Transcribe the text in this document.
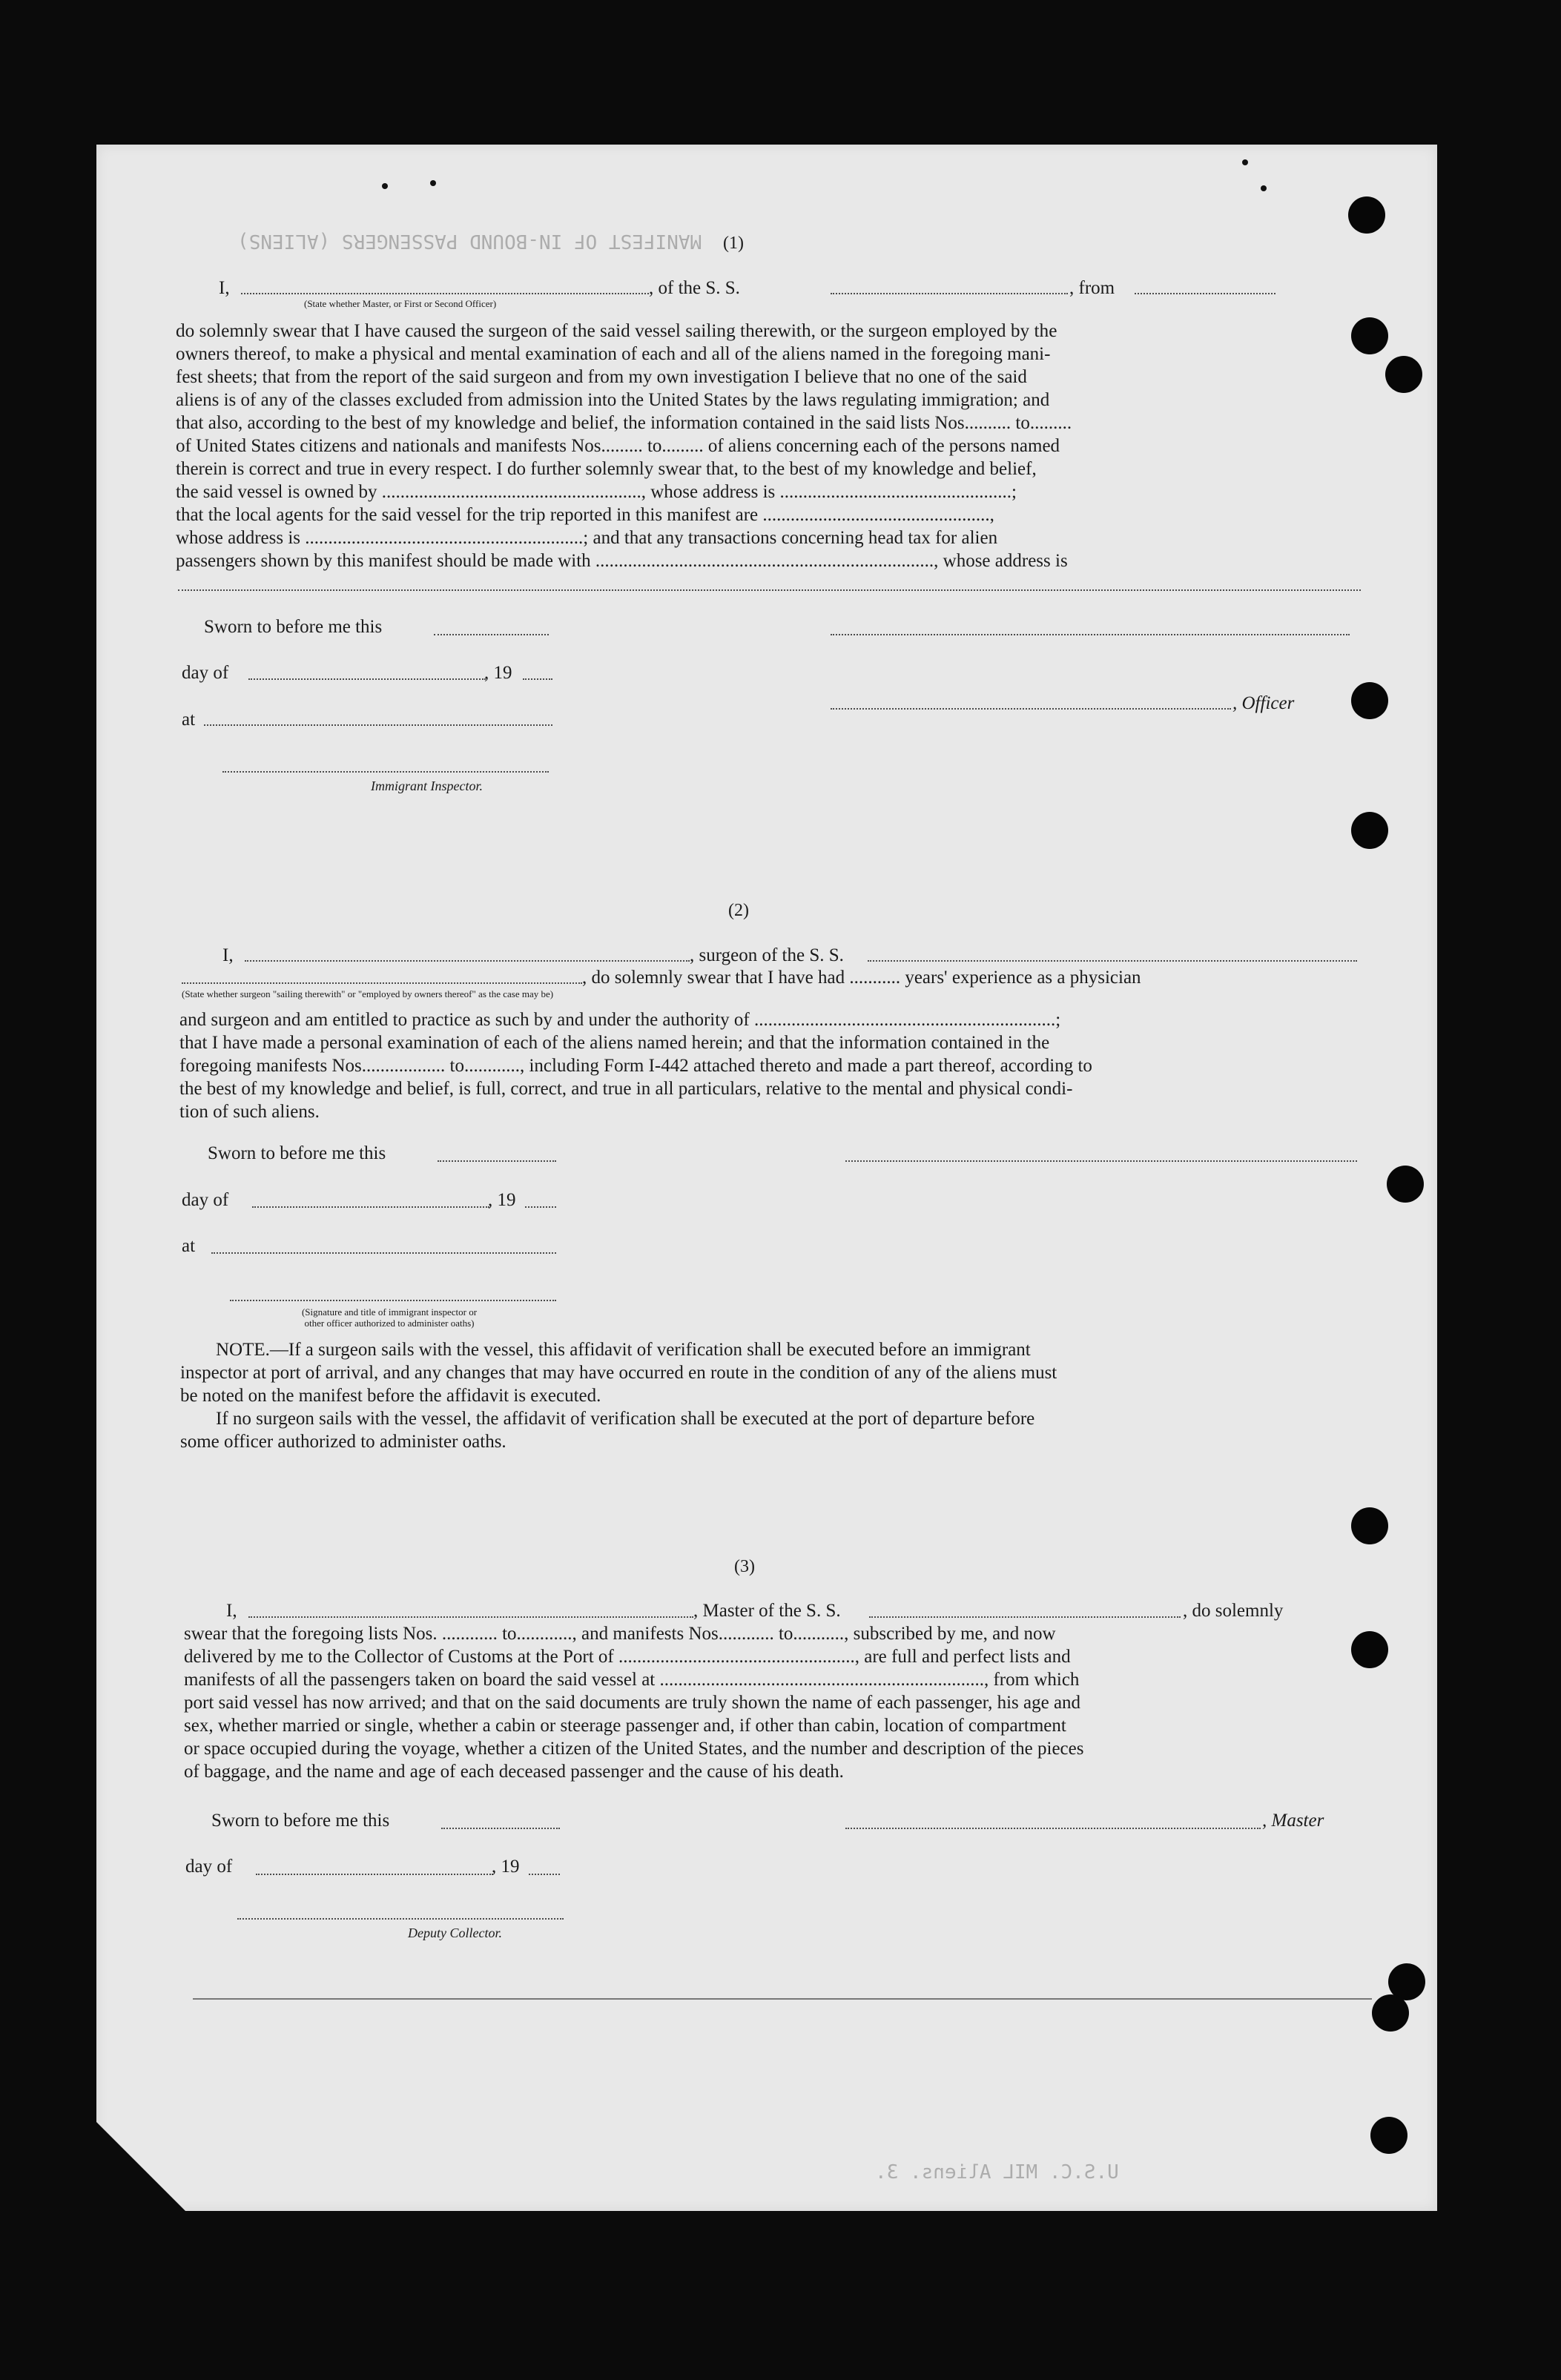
MANIFEST OF IN-BOUND PASSENGERS (ALIENS)
U.S.C. MIL Aliens. 3.
(1)
I,	, of the S. S.	, from
(State whether Master, or First or Second Officer)
do solemnly swear that I have caused the surgeon of the said vessel sailing therewith, or the surgeon employed by the
owners thereof, to make a physical and mental examination of each and all of the aliens named in the foregoing mani-
fest sheets; that from the report of the said surgeon and from my own investigation I believe that no one of the said
aliens is of any of the classes excluded from admission into the United States by the laws regulating immigration; and
that also, according to the best of my knowledge and belief, the information contained in the said lists Nos.......... to.........
of United States citizens and nationals and manifests Nos......... to......... of aliens concerning each of the persons named
therein is correct and true in every respect. I do further solemnly swear that, to the best of my knowledge and belief,
the said vessel is owned by ........................................................, whose address is ..................................................;
that the local agents for the said vessel for the trip reported in this manifest are .................................................,
whose address is ............................................................; and that any transactions concerning head tax for alien
passengers shown by this manifest should be made with ........................................................................., whose address is
Sworn to before me this
day of	, 19
, Officer
at
Immigrant Inspector.
(2)
I,	, surgeon of the S. S.
, do solemnly swear that I have had ........... years' experience as a physician
(State whether surgeon "sailing therewith" or "employed by owners thereof" as the case may be)
and surgeon and am entitled to practice as such by and under the authority of .................................................................;
that I have made a personal examination of each of the aliens named herein; and that the information contained in the
foregoing manifests Nos.................. to............, including Form I-442 attached thereto and made a part thereof, according to
the best of my knowledge and belief, is full, correct, and true in all particulars, relative to the mental and physical condi-
tion of such aliens.
Sworn to before me this
day of	, 19
at
(Signature and title of immigrant inspector or
other officer authorized to administer oaths)
NOTE.—If a surgeon sails with the vessel, this affidavit of verification shall be executed before an immigrant
inspector at port of arrival, and any changes that may have occurred en route in the condition of any of the aliens must
be noted on the manifest before the affidavit is executed.
If no surgeon sails with the vessel, the affidavit of verification shall be executed at the port of departure before
some officer authorized to administer oaths.
(3)
I,	, Master of the S. S.	, do solemnly
swear that the foregoing lists Nos. ............ to............, and manifests Nos............ to..........., subscribed by me, and now
delivered by me to the Collector of Customs at the Port of ..................................................., are full and perfect lists and
manifests of all the passengers taken on board the said vessel at ......................................................................, from which
port said vessel has now arrived; and that on the said documents are truly shown the name of each passenger, his age and
sex, whether married or single, whether a cabin or steerage passenger and, if other than cabin, location of compartment
or space occupied during the voyage, whether a citizen of the United States, and the number and description of the pieces
of baggage, and the name and age of each deceased passenger and the cause of his death.
Sworn to before me this	, Master
day of	, 19
Deputy Collector.
